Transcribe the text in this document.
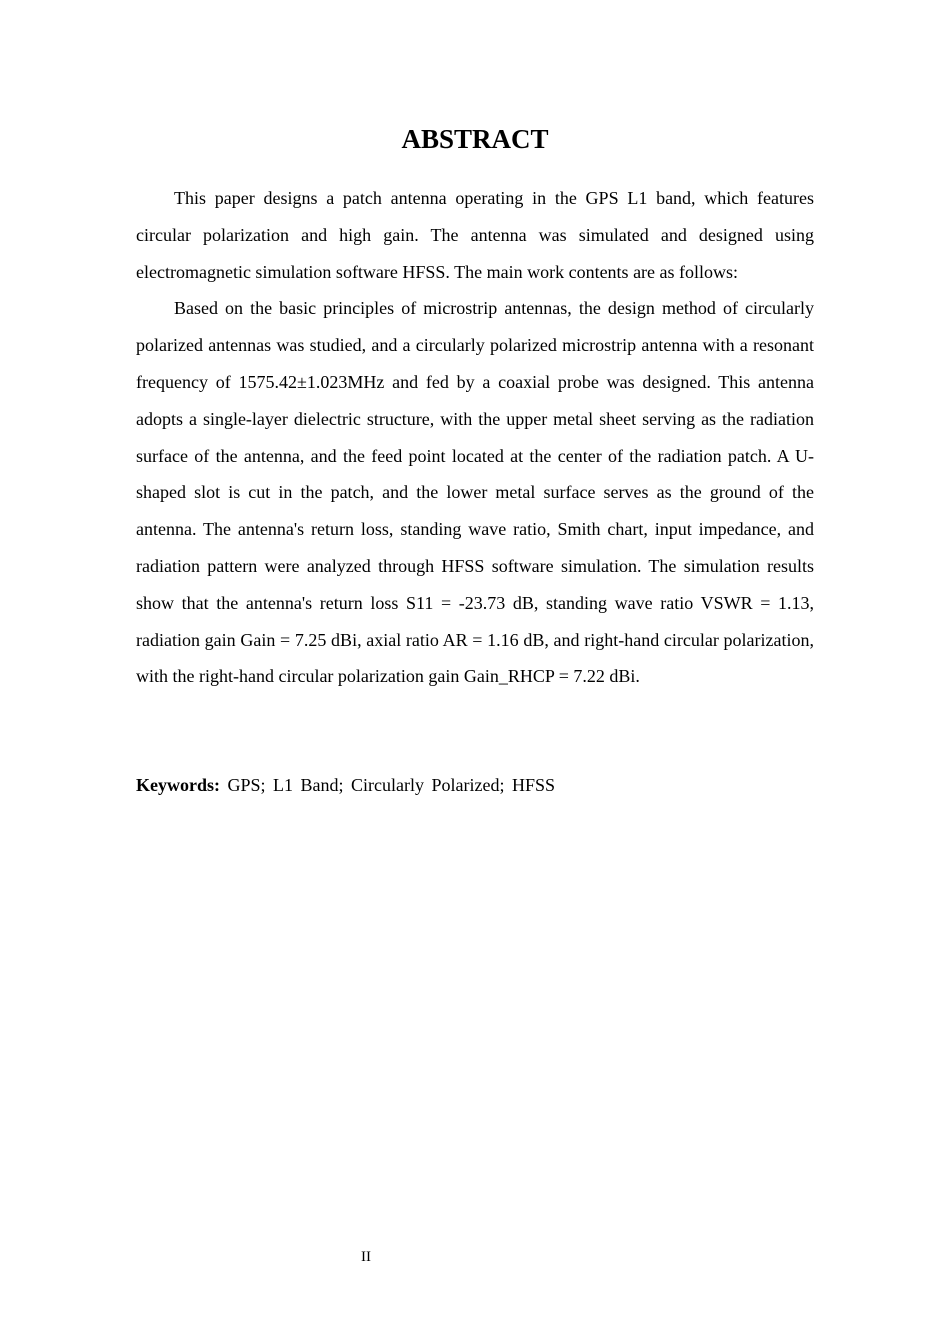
ABSTRACT

This paper designs a patch antenna operating in the GPS L1 band, which features circular polarization and high gain. The antenna was simulated and designed using electromagnetic simulation software HFSS. The main work contents are as follows:

Based on the basic principles of microstrip antennas, the design method of circularly polarized antennas was studied, and a circularly polarized microstrip antenna with a resonant frequency of 1575.42±1.023MHz and fed by a coaxial probe was designed. This antenna adopts a single-layer dielectric structure, with the upper metal sheet serving as the radiation surface of the antenna, and the feed point located at the center of the radiation patch. A U-shaped slot is cut in the patch, and the lower metal surface serves as the ground of the antenna. The antenna's return loss, standing wave ratio, Smith chart, input impedance, and radiation pattern were analyzed through HFSS software simulation. The simulation results show that the antenna's return loss S11 = -23.73 dB, standing wave ratio VSWR = 1.13, radiation gain Gain = 7.25 dBi, axial ratio AR = 1.16 dB, and right-hand circular polarization, with the right-hand circular polarization gain Gain_RHCP = 7.22 dBi.

Keywords: GPS; L1 Band; Circularly Polarized; HFSS
II
